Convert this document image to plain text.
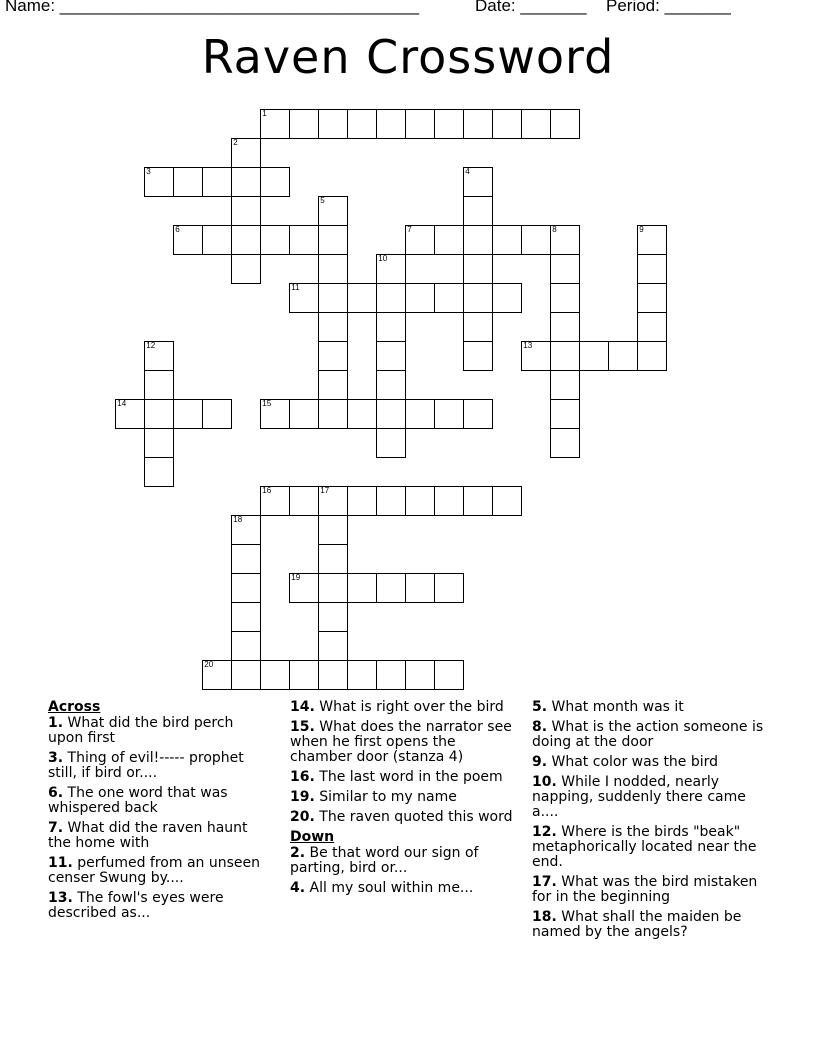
Name: ______________________________________	Date: _______ Period: _______
Raven Crossword
1
2
3	4
5
6	7	8	9
10
11
12	13
14	15
16	17
18
19
20
Across
1. What did the bird perch upon first
3. Thing of evil!----- prophet still, if bird or....
6. The one word that was whispered back
7. What did the raven haunt the home with
11. perfumed from an unseen censer Swung by....
13. The fowl's eyes were described as...
14. What is right over the bird
15. What does the narrator see when he first opens the chamber door (stanza 4)
16. The last word in the poem
19. Similar to my name
20. The raven quoted this word
Down
2. Be that word our sign of parting, bird or...
4. All my soul within me...
5. What month was it
8. What is the action someone is doing at the door
9. What color was the bird
10. While I nodded, nearly napping, suddenly there came a....
12. Where is the birds "beak" metaphorically located near the end.
17. What was the bird mistaken for in the beginning
18. What shall the maiden be named by the angels?
